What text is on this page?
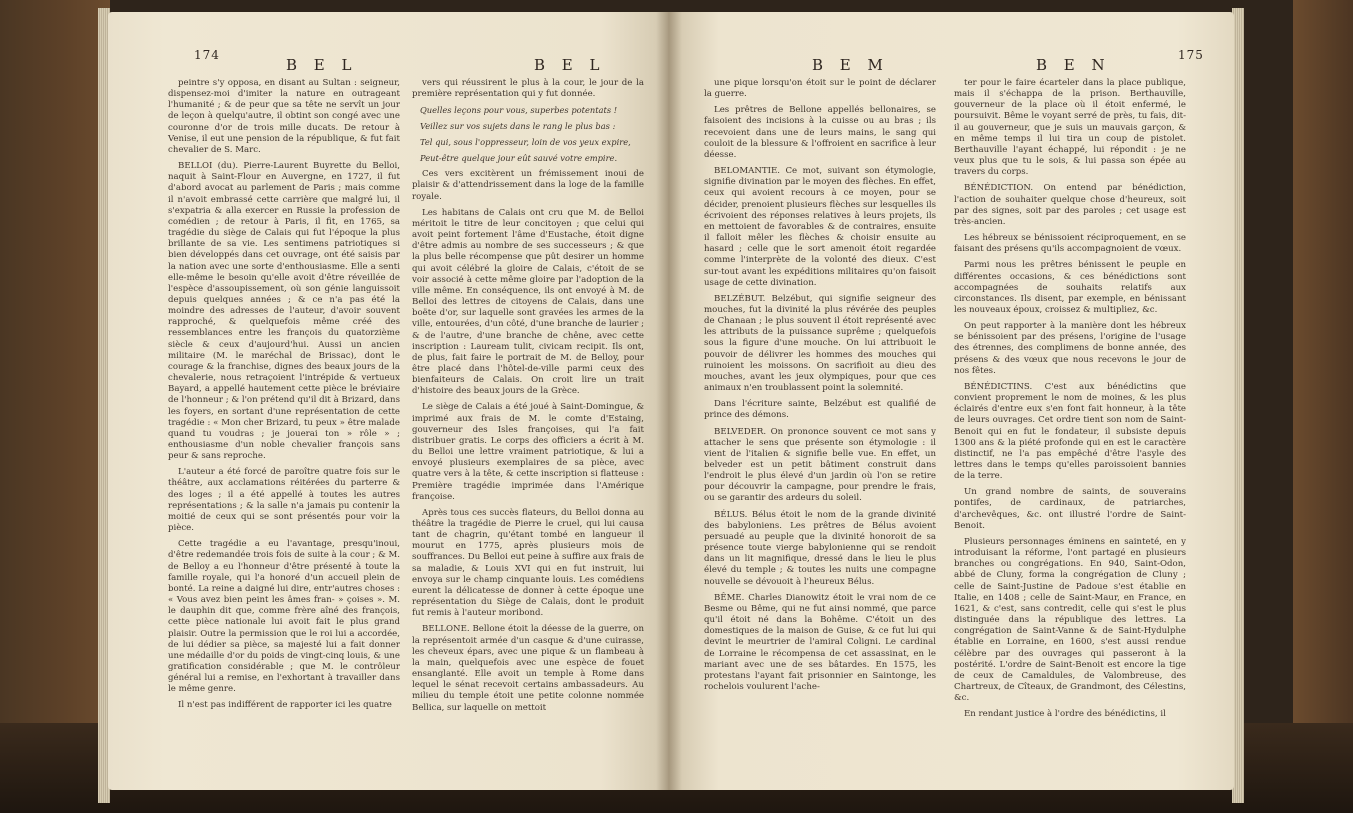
174
B E L	B E L

peintre s'y opposa, en disant au Sultan : seigneur, dispensez-moi d'imiter la nature en outrageant l'humanité ; & de peur que sa tête ne servît un jour de leçon à quelqu'autre, il obtint son congé avec une couronne d'or de trois mille ducats. De retour à Venise, il eut une pension de la république, & fut fait chevalier de S. Marc.

BELLOI (du). Pierre-Laurent Buyrette du Belloi, naquit à Saint-Flour en Auvergne, en 1727, il fut d'abord avocat au parlement de Paris ; mais comme il n'avoit embrassé cette carrière que malgré lui, il s'expatria & alla exercer en Russie la profession de comédien ; de retour à Paris, il fit, en 1765, sa tragédie du siège de Calais qui fut l'époque la plus brillante de sa vie. Les sentimens patriotiques si bien développés dans cet ouvrage, ont été saisis par la nation avec une sorte d'enthousiasme. Elle a senti elle-même le besoin qu'elle avoit d'être réveillée de l'espèce d'assoupissement, où son génie languissoit depuis quelques années ; & ce n'a pas été la moindre des adresses de l'auteur, d'avoir souvent rapproché, & quelquefois même créé des ressemblances entre les françois du quatorzième siècle & ceux d'aujourd'hui. Aussi un ancien militaire (M. le maréchal de Brissac), dont le courage & la franchise, dignes des beaux jours de la chevalerie, nous retraçoient l'intrépide & vertueux Bayard, a appellé hautement cette pièce le bréviaire de l'honneur ; & l'on prétend qu'il dit à Brizard, dans les foyers, en sortant d'une représentation de cette tragédie : « Mon cher Brizard, tu peux » être malade quand tu voudras ; je jouerai ton » rôle » ; enthousiasme d'un noble chevalier françois sans peur & sans reproche.

L'auteur a été forcé de paroître quatre fois sur le théâtre, aux acclamations réitérées du parterre & des loges ; il a été appellé à toutes les autres représentations ; & la salle n'a jamais pu contenir la moitié de ceux qui se sont présentés pour voir la pièce.

Cette tragédie a eu l'avantage, presqu'inoui, d'être redemandée trois fois de suite à la cour ; & M. de Belloy a eu l'honneur d'être présenté à toute la famille royale, qui l'a honoré d'un accueil plein de bonté. La reine a daigné lui dire, entr'autres choses : « Vous avez bien peint les âmes fran- » çoises ». M. le dauphin dit que, comme frère aîné des françois, cette pièce nationale lui avoit fait le plus grand plaisir. Outre la permission que le roi lui a accordée, de lui dédier sa pièce, sa majesté lui a fait donner une médaille d'or du poids de vingt-cinq louis, & une gratification considérable ; que M. le contrôleur général lui a remise, en l'exhortant à travailler dans le même genre.

Il n'est pas indifférent de rapporter ici les quatre

vers qui réussirent le plus à la cour, le jour de la première représentation qui y fut donnée.

Quelles leçons pour vous, superbes potentats !

Veillez sur vos sujets dans le rang le plus bas :

Tel qui, sous l'oppresseur, loin de vos yeux expire,

Peut-être quelque jour eût sauvé votre empire.

Ces vers excitèrent un frémissement inoui de plaisir & d'attendrissement dans la loge de la famille royale.

Les habitans de Calais ont cru que M. de Belloi méritoit le titre de leur concitoyen ; que celui qui avoit peint fortement l'âme d'Eustache, étoit digne d'être admis au nombre de ses successeurs ; & que la plus belle récompense que pût desirer un homme qui avoit célébré la gloire de Calais, c'étoit de se voir associé à cette même gloire par l'adoption de la ville même. En conséquence, ils ont envoyé à M. de Belloi des lettres de citoyens de Calais, dans une boëte d'or, sur laquelle sont gravées les armes de la ville, entourées, d'un côté, d'une branche de laurier ; & de l'autre, d'une branche de chêne, avec cette inscription : Lauream tulit, civicam recipit. Ils ont, de plus, fait faire le portrait de M. de Belloy, pour être placé dans l'hôtel-de-ville parmi ceux des bienfaiteurs de Calais. On croit lire un trait d'histoire des beaux jours de la Grèce.

Le siège de Calais a été joué à Saint-Domingue, & imprimé aux frais de M. le comte d'Estaing, gouverneur des Isles françoises, qui l'a fait distribuer gratis. Le corps des officiers a écrit à M. du Belloi une lettre vraiment patriotique, & lui a envoyé plusieurs exemplaires de sa pièce, avec quatre vers à la tête, & cette inscription si flatteuse : Première tragédie imprimée dans l'Amérique françoise.

Après tous ces succès flateurs, du Belloi donna au théâtre la tragédie de Pierre le cruel, qui lui causa tant de chagrin, qu'étant tombé en langueur il mourut en 1775, après plusieurs mois de souffrances. Du Belloi eut peine à suffire aux frais de sa maladie, & Louis XVI qui en fut instruit, lui envoya sur le champ cinquante louis. Les comédiens eurent la délicatesse de donner à cette époque une représentation du Siège de Calais, dont le produit fut remis à l'auteur moribond.

BELLONE. Bellone étoit la déesse de la guerre, on la représentoit armée d'un casque & d'une cuirasse, les cheveux épars, avec une pique & un flambeau à la main, quelquefois avec une espèce de fouet ensanglanté. Elle avoit un temple à Rome dans lequel le sénat recevoit certains ambassadeurs. Au milieu du temple étoit une petite colonne nommée Bellica, sur laquelle on mettoit

B E M	B E N
175

une pique lorsqu'on étoit sur le point de déclarer la guerre.

Les prêtres de Bellone appellés bellonaires, se faisoient des incisions à la cuisse ou au bras ; ils recevoient dans une de leurs mains, le sang qui couloit de la blessure & l'offroient en sacrifice à leur déesse.

BELOMANTIE. Ce mot, suivant son étymologie, signifie divination par le moyen des flèches. En effet, ceux qui avoient recours à ce moyen, pour se décider, prenoient plusieurs flèches sur lesquelles ils écrivoient des réponses relatives à leurs projets, ils en mettoient de favorables & de contraires, ensuite il falloit mêler les flèches & choisir ensuite au hasard ; celle que le sort amenoit étoit regardée comme l'interprète de la volonté des dieux. C'est sur-tout avant les expéditions militaires qu'on faisoit usage de cette divination.

BELZÉBUT. Belzébut, qui signifie seigneur des mouches, fut la divinité la plus révérée des peuples de Chanaan ; le plus souvent il étoit représenté avec les attributs de la puissance suprême ; quelquefois sous la figure d'une mouche. On lui attribuoit le pouvoir de délivrer les hommes des mouches qui ruinoient les moissons. On sacrifioit au dieu des mouches, avant les jeux olympiques, pour que ces animaux n'en troublassent point la solemnité.

Dans l'écriture sainte, Belzébut est qualifié de prince des démons.

BELVEDER. On prononce souvent ce mot sans y attacher le sens que présente son étymologie : il vient de l'italien & signifie belle vue. En effet, un belveder est un petit bâtiment construit dans l'endroit le plus élevé d'un jardin où l'on se retire pour découvrir la campagne, pour prendre le frais, ou se garantir des ardeurs du soleil.

BÉLUS. Bélus étoit le nom de la grande divinité des babyloniens. Les prêtres de Bélus avoient persuadé au peuple que la divinité honoroit de sa présence toute vierge babylonienne qui se rendoit dans un lit magnifique, dressé dans le lieu le plus élevé du temple ; & toutes les nuits une compagne nouvelle se dévouoit à l'heureux Bélus.

BÊME. Charles Dianowitz étoit le vrai nom de ce Besme ou Bême, qui ne fut ainsi nommé, que parce qu'il étoit né dans la Bohême. C'étoit un des domestiques de la maison de Guise, & ce fut lui qui devint le meurtrier de l'amiral Coligni. Le cardinal de Lorraine le récompensa de cet assassinat, en le mariant avec une de ses bâtardes. En 1575, les protestans l'ayant fait prisonnier en Saintonge, les rochelois voulurent l'ache-

ter pour le faire écarteler dans la place publique, mais il s'échappa de la prison. Berthauville, gouverneur de la place où il étoit enfermé, le poursuivit. Bême le voyant serré de près, tu fais, dit-il au gouverneur, que je suis un mauvais garçon, & en même temps il lui tira un coup de pistolet. Berthauville l'ayant échappé, lui répondit : je ne veux plus que tu le sois, & lui passa son épée au travers du corps.

BÉNÉDICTION. On entend par bénédiction, l'action de souhaiter quelque chose d'heureux, soit par des signes, soit par des paroles ; cet usage est très-ancien.

Les hébreux se bénissoient réciproquement, en se faisant des présens qu'ils accompagnoient de vœux.

Parmi nous les prêtres bénissent le peuple en différentes occasions, & ces bénédictions sont accompagnées de souhaits relatifs aux circonstances. Ils disent, par exemple, en bénissant les nouveaux époux, croissez & multipliez, &c.

On peut rapporter à la manière dont les hébreux se bénissoient par des présens, l'origine de l'usage des étrennes, des complimens de bonne année, des présens & des vœux que nous recevons le jour de nos fêtes.

BÉNÉDICTINS. C'est aux bénédictins que convient proprement le nom de moines, & les plus éclairés d'entre eux s'en font fait honneur, à la tête de leurs ouvrages. Cet ordre tient son nom de Saint-Benoit qui en fut le fondateur, il subsiste depuis 1300 ans & la piété profonde qui en est le caractère distinctif, ne l'a pas empêché d'être l'asyle des lettres dans le temps qu'elles paroissoient bannies de la terre.

Un grand nombre de saints, de souverains pontifes, de cardinaux, de patriarches, d'archevêques, &c. ont illustré l'ordre de Saint-Benoit.

Plusieurs personnages éminens en sainteté, en y introduisant la réforme, l'ont partagé en plusieurs branches ou congrégations. En 940, Saint-Odon, abbé de Cluny, forma la congrégation de Cluny ; celle de Saint-Justine de Padoue s'est établie en Italie, en 1408 ; celle de Saint-Maur, en France, en 1621, & c'est, sans contredit, celle qui s'est le plus distinguée dans la république des lettres. La congrégation de Saint-Vanne & de Saint-Hydulphe établie en Lorraine, en 1600, s'est aussi rendue célèbre par des ouvrages qui passeront à la postérité. L'ordre de Saint-Benoit est encore la tige de ceux de Camaldules, de Valombreuse, des Chartreux, de Cîteaux, de Grandmont, des Célestins, &c.

En rendant justice à l'ordre des bénédictins, il
